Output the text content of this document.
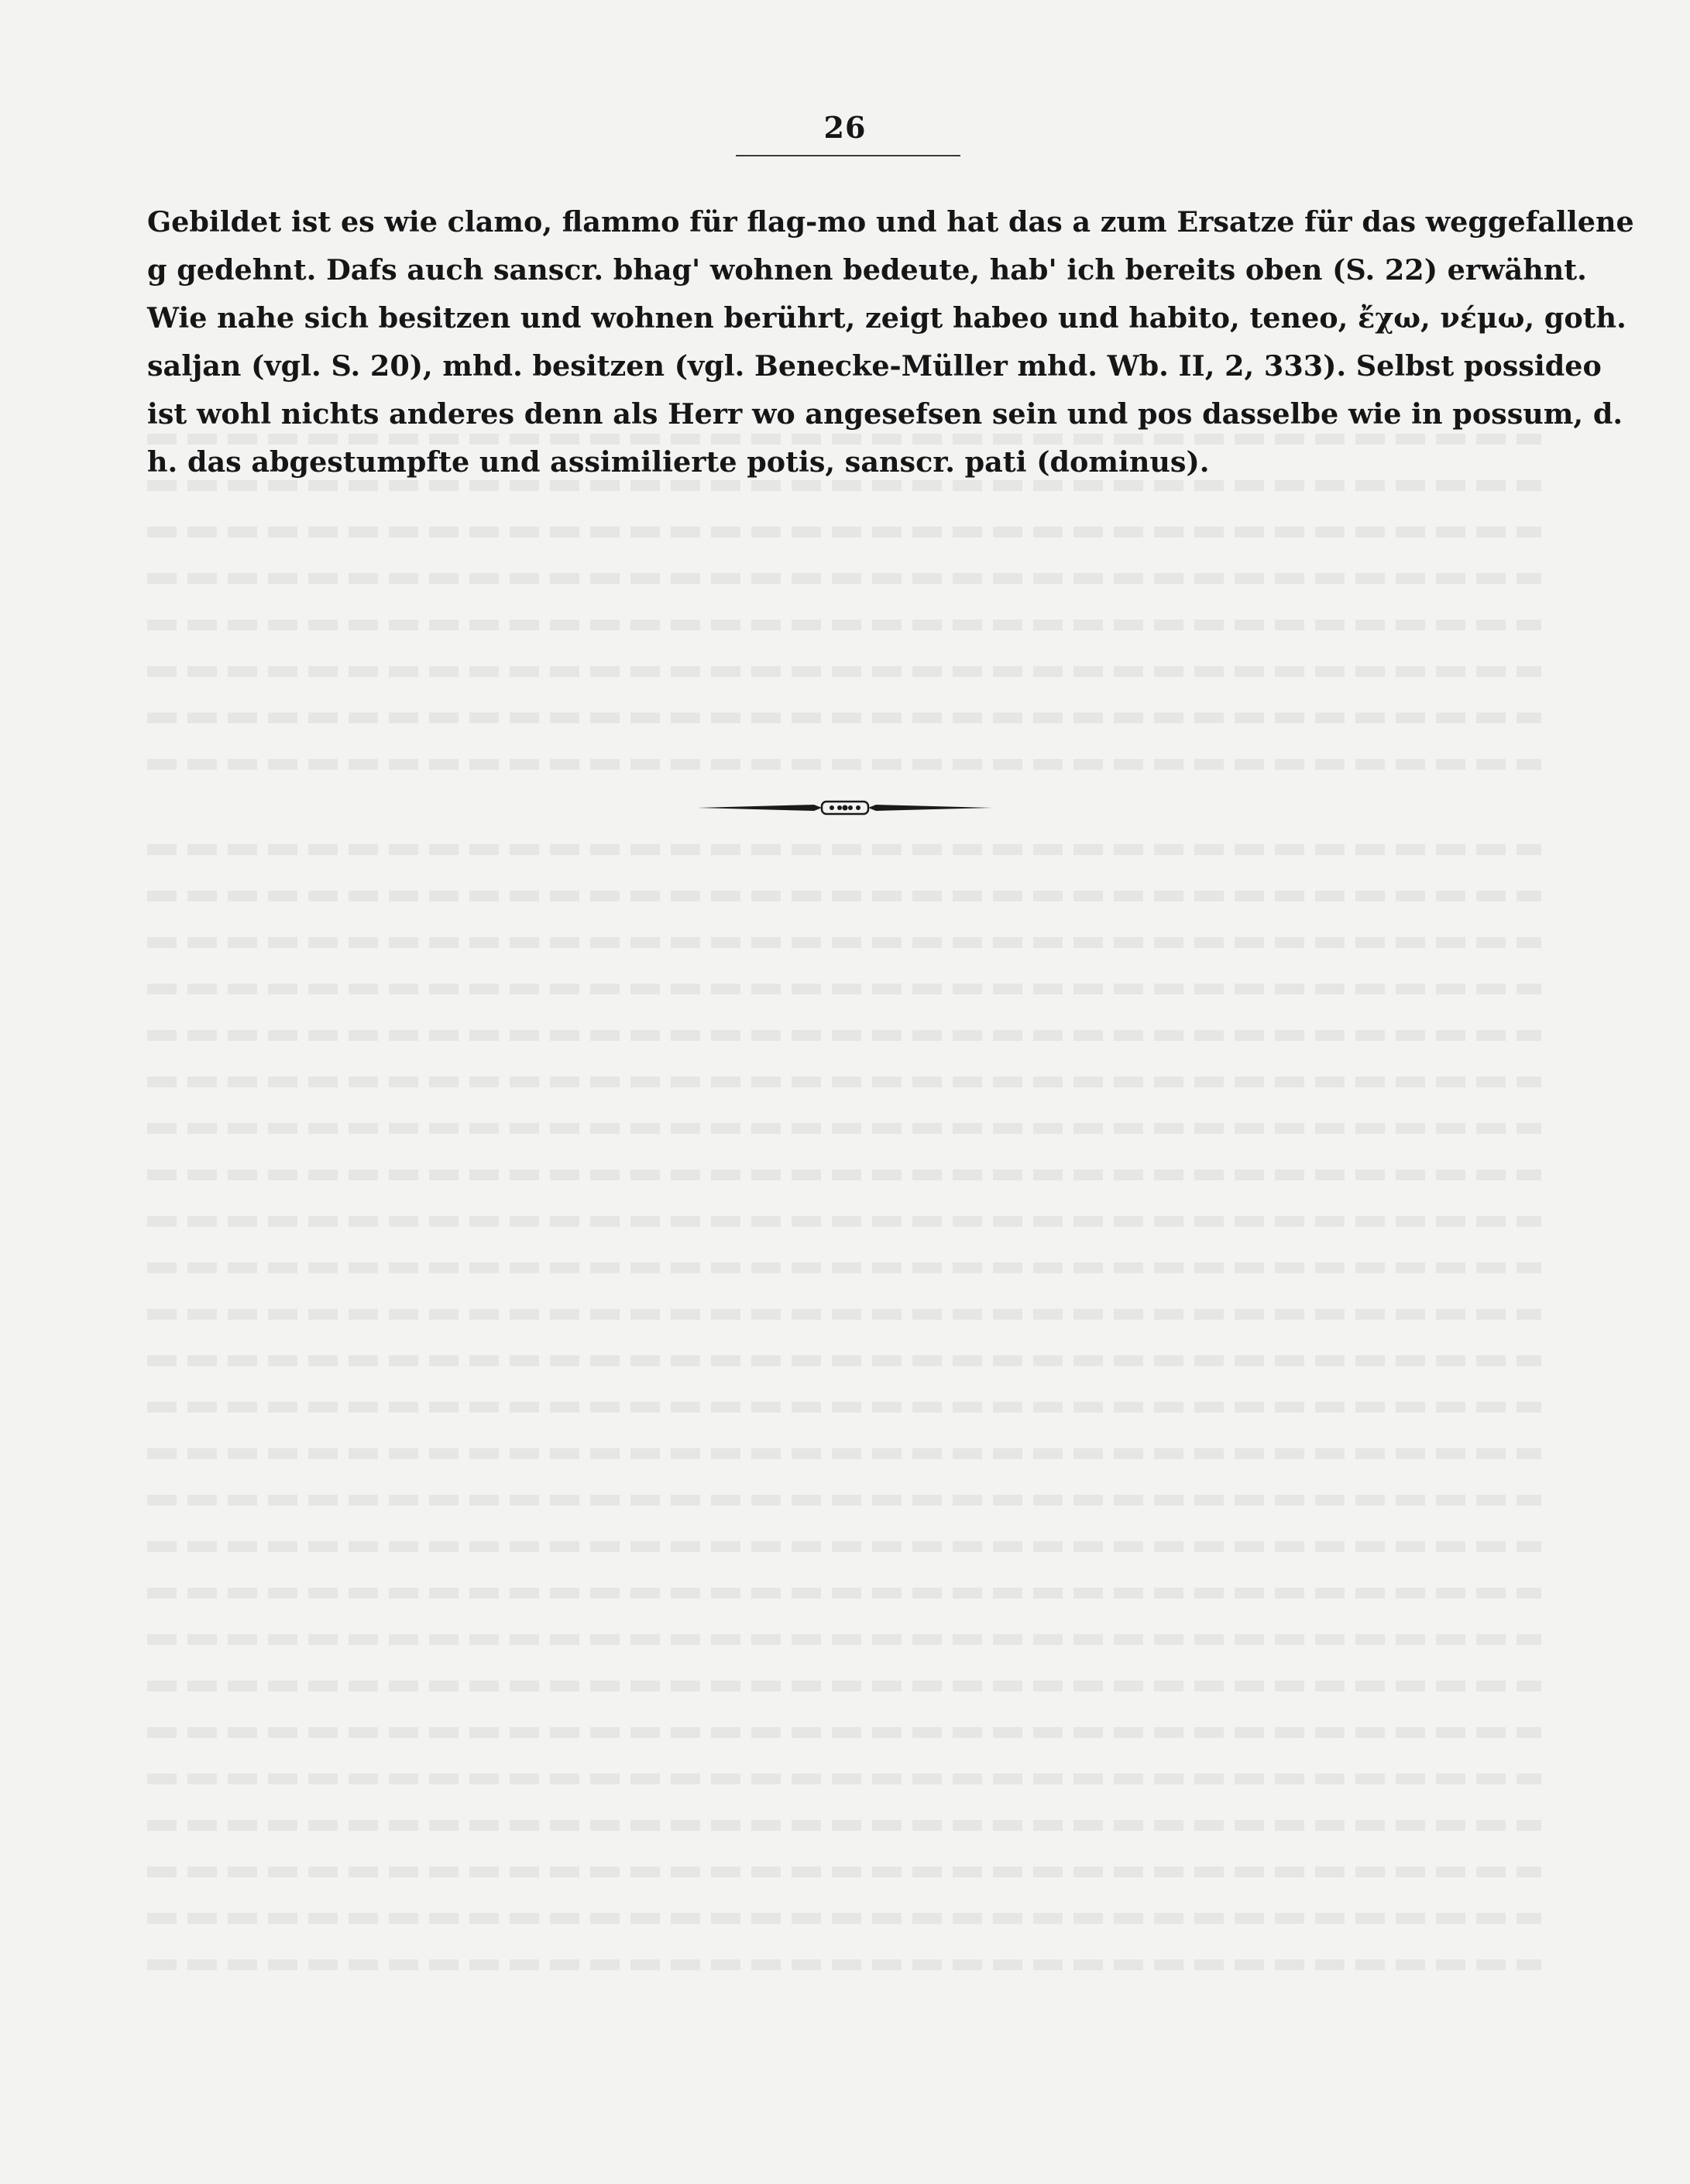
26
Gebildet ist es wie clamo, flammo für flag-mo und hat das a zum Ersatze für das weggefallene
g gedehnt. Dafs auch sanscr. bhag' wohnen bedeute, hab' ich bereits oben (S. 22) erwähnt.
Wie nahe sich besitzen und wohnen berührt, zeigt habeo und habito, teneo, ἔχω, νέμω, goth.
saljan (vgl. S. 20), mhd. besitzen (vgl. Benecke-Müller mhd. Wb. II, 2, 333). Selbst possideo
ist wohl nichts anderes denn als Herr wo angesefsen sein und pos dasselbe wie in possum, d.
h. das abgestumpfte und assimilierte potis, sanscr. pati (dominus).
